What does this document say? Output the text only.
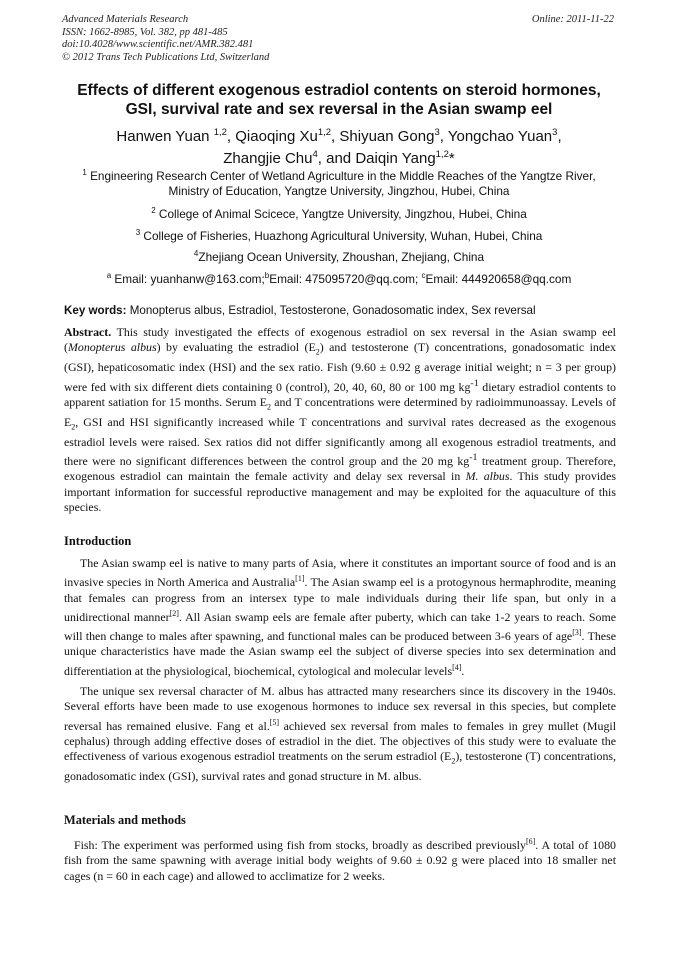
Advanced Materials Research
ISSN: 1662-8985, Vol. 382, pp 481-485
doi:10.4028/www.scientific.net/AMR.382.481
© 2012 Trans Tech Publications Ltd, Switzerland
Online: 2011-11-22
Effects of different exogenous estradiol contents on steroid hormones,
GSI, survival rate and sex reversal in the Asian swamp eel
Hanwen Yuan $^{1,2}$, Qiaoqing Xu$^{1,2}$, Shiyuan Gong$^3$, Yongchao Yuan$^3$,
Zhangjie Chu$^4$, and Daiqin Yang$^{1,2}$*
$^1$ Engineering Research Center of Wetland Agriculture in the Middle Reaches of the Yangtze River,
Ministry of Education, Yangtze University, Jingzhou, Hubei, China
$^2$ College of Animal Scicece, Yangtze University, Jingzhou, Hubei, China
$^3$ College of Fisheries, Huazhong Agricultural University, Wuhan, Hubei, China
$^4$Zhejiang Ocean University, Zhoushan, Zhejiang, China
$^a$ Email: yuanhanw@163.com;$^b$Email: 475095720@qq.com; $^c$Email: 444920658@qq.com
Key words: Monopterus albus, Estradiol, Testosterone, Gonadosomatic index, Sex reversal
Abstract. This study investigated the effects of exogenous estradiol on sex reversal in the Asian swamp eel (Monopterus albus) by evaluating the estradiol $(E_2)$ and testosterone (T) concentrations, gonadosomatic index (GSI), hepaticosomatic index (HSI) and the sex ratio. Fish (9.60 ± 0.92 g average initial weight; n = 3 per group) were fed with six different diets containing 0 (control), 20, 40, 60, 80 or 100 mg $kg^{-1}$ dietary estradiol contents to apparent satiation for 15 months. Serum $E_2$ and T concentrations were determined by radioimmunoassay. Levels of $E_2$, GSI and HSI significantly increased while T concentrations and survival rates decreased as the exogenous estradiol levels were raised. Sex ratios did not differ significantly among all exogenous estradiol treatments, and there were no significant differences between the control group and the 20 mg $kg^{-1}$ treatment group. Therefore, exogenous estradiol can maintain the female activity and delay sex reversal in M. albus. This study provides important information for successful reproductive management and may be exploited for the aquaculture of this species.
Introduction
The Asian swamp eel is native to many parts of Asia, where it constitutes an important source of food and is an invasive species in North America and Australia[1]. The Asian swamp eel is a protogynous hermaphrodite, meaning that females can progress from an intersex type to male individuals during their life span, but only in a unidirectional manner[2]. All Asian swamp eels are female after puberty, which can take 1-2 years to reach. Some will then change to males after spawning, and functional males can be produced between 3-6 years of age[3]. These unique characteristics have made the Asian swamp eel the subject of diverse species into sex determination and differentiation at the physiological, biochemical, cytological and molecular levels[4].
The unique sex reversal character of M. albus has attracted many researchers since its discovery in the 1940s. Several efforts have been made to use exogenous hormones to induce sex reversal in this species, but complete reversal has remained elusive. Fang et al.[5] achieved sex reversal from males to females in grey mullet (Mugil cephalus) through adding effective doses of estradiol in the diet. The objectives of this study were to evaluate the effectiveness of various exogenous estradiol treatments on the serum estradiol $(E_2)$, testosterone (T) concentrations, gonadosomatic index (GSI), survival rates and gonad structure in M. albus.
Materials and methods
Fish: The experiment was performed using fish from stocks, broadly as described previously[6]. A total of 1080 fish from the same spawning with average initial body weights of 9.60 ± 0.92 g were placed into 18 smaller net cages (n = 60 in each cage) and allowed to acclimatize for 2 weeks.
